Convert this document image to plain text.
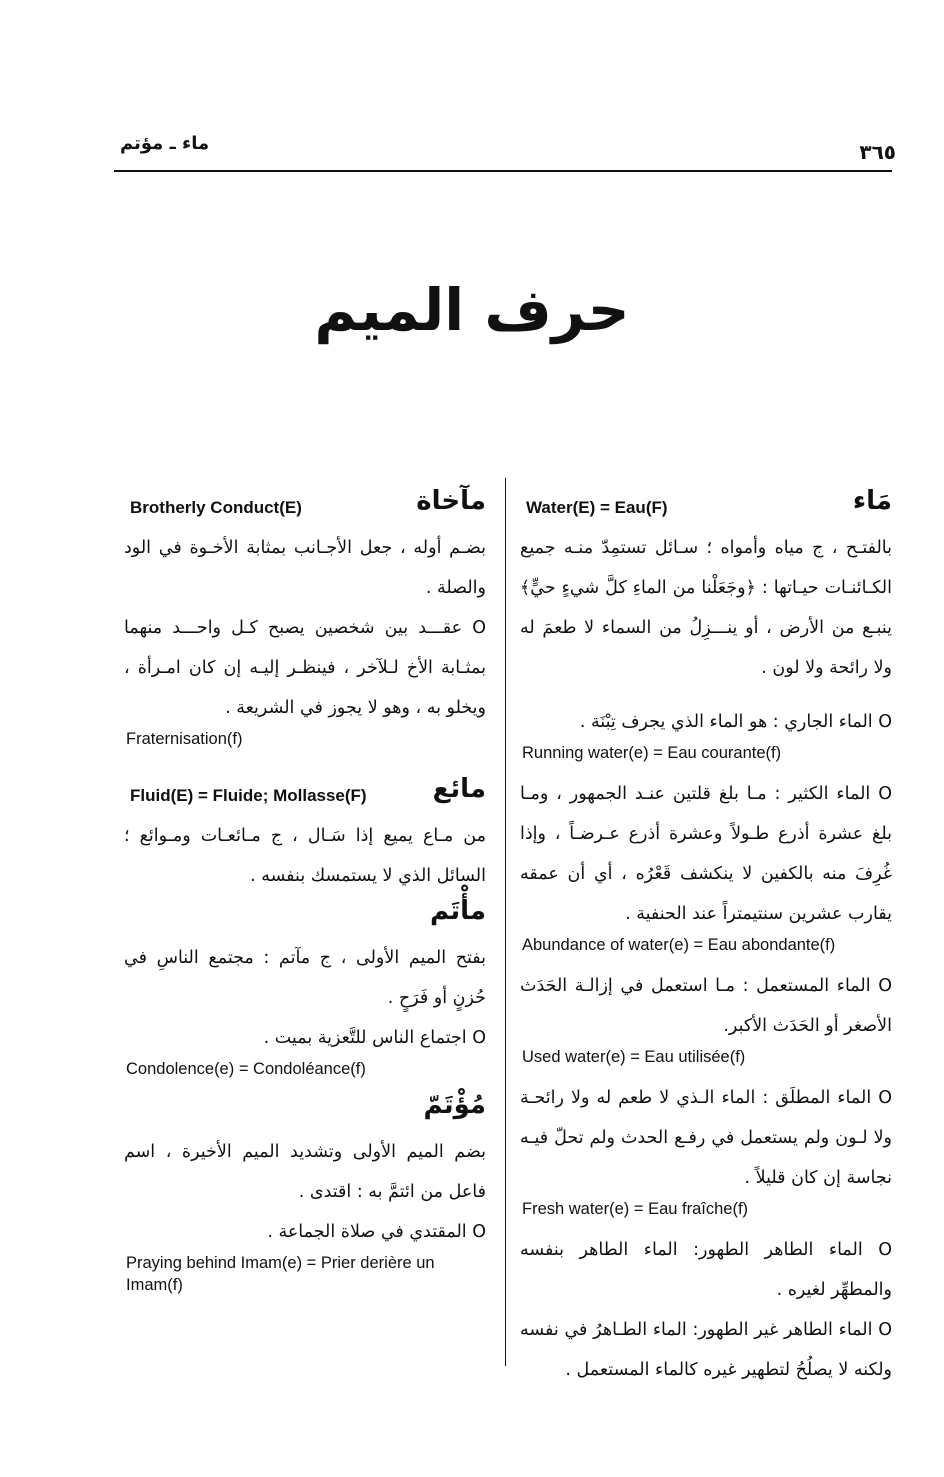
٣٦٥
ماء ـ مؤتم
حرف الميم
مَاء
Water(E) = Eau(F)

بالفتـح ، ج مياه وأمواه ؛ سـائل تستمِدّ منـه جميع الكـائنـات حيـاتها : ﴿وجَعَلْنا من الماءِ كلَّ شيءٍ حيٍّ﴾ ينبـع من الأرض ، أو ينـــزِلُ من السماء لا طعمَ له ولا رائحة ولا لون .

O الماء الجاري : هو الماء الذي يجرف تِبْنَة .

Running water(e) = Eau courante(f)

O الماء الكثير : مـا بلغ قلتين عنـد الجمهور ، ومـا بلغ عشرة أذرع طـولاً وعشرة أذرع عـرضـاً ، وإذا غُرِفَ منه بالكفين لا ينكشف قَعْرُه ، أي أن عمقه يقارب عشرين سنتيمتراً عند الحنفية .

Abundance of water(e) = Eau abondante(f)

O الماء المستعمل : مـا استعمل في إزالـة الحَدَث الأصغر أو الحَدَث الأكبر.

Used water(e) = Eau utilisée(f)

O الماء المطلَق : الماء الـذي لا طعم له ولا رائحـة ولا لـون ولم يستعمل في رفـع الحدث ولم تحلّ فيـه نجاسة إن كان قليلاً .

Fresh water(e) = Eau fraîche(f)

O الماء الطاهر الطهور: الماء الطاهر بنفسه والمطهِّر لغيره .

O الماء الطاهر غير الطهور: الماء الطـاهرُ في نفسه ولكنه لا يصلُحُ لتطهير غيره كالماء المستعمل .

مآخاة
Brotherly Conduct(E)

بضـم أوله ، جعل الأجـانب بمثابة الأخـوة في الود والصلة .

O عقـــد بين شخصين يصبح كـل واحـــد منهما بمثـابة الأخ لـلآخر ، فينظـر إليـه إن كان امـرأة ، ويخلو به ، وهو لا يجوز في الشريعة .

Fraternisation(f)

مائع
Fluid(E) = Fluide; Mollasse(F)

من مـاع يميع إذا سَـال ، ج مـائعـات ومـوائع ؛ السائل الذي لا يستمسك بنفسه .

مأْتَم

بفتح الميم الأولى ، ج مآتم : مجتمع الناسِ في حُزنٍ أو فَرَحٍ .

O اجتماع الناس للتَّعزية بميت .

Condolence(e) = Condoléance(f)

مُؤْتَمّ

بضم الميم الأولى وتشديد الميم الأخيرة ، اسم فاعل من ائتمَّ به : اقتدى .

O المقتدي في صلاة الجماعة .

Praying behind Imam(e) = Prier derière un Imam(f)
